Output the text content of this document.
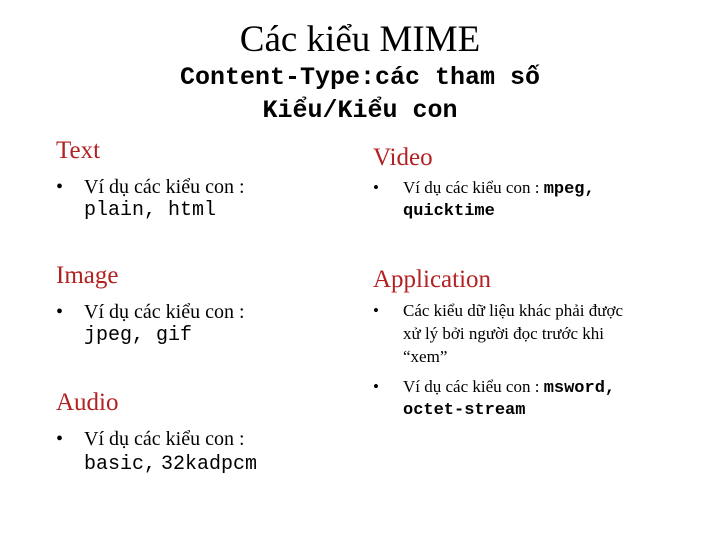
Các kiểu MIME
Content-Type:các tham số
Kiểu/Kiểu con
Text
• Ví dụ các kiểu con :
plain, html
Image
• Ví dụ các kiểu con :
jpeg, gif
Audio
• Ví dụ các kiểu con :
basic, 32kadpcm
Video
• Ví dụ các kiểu con : mpeg,
quicktime
Application
• Các kiểu dữ liệu khác phải được
xử lý bởi người đọc trước khi
“xem”
• Ví dụ các kiểu con : msword,
octet-stream
